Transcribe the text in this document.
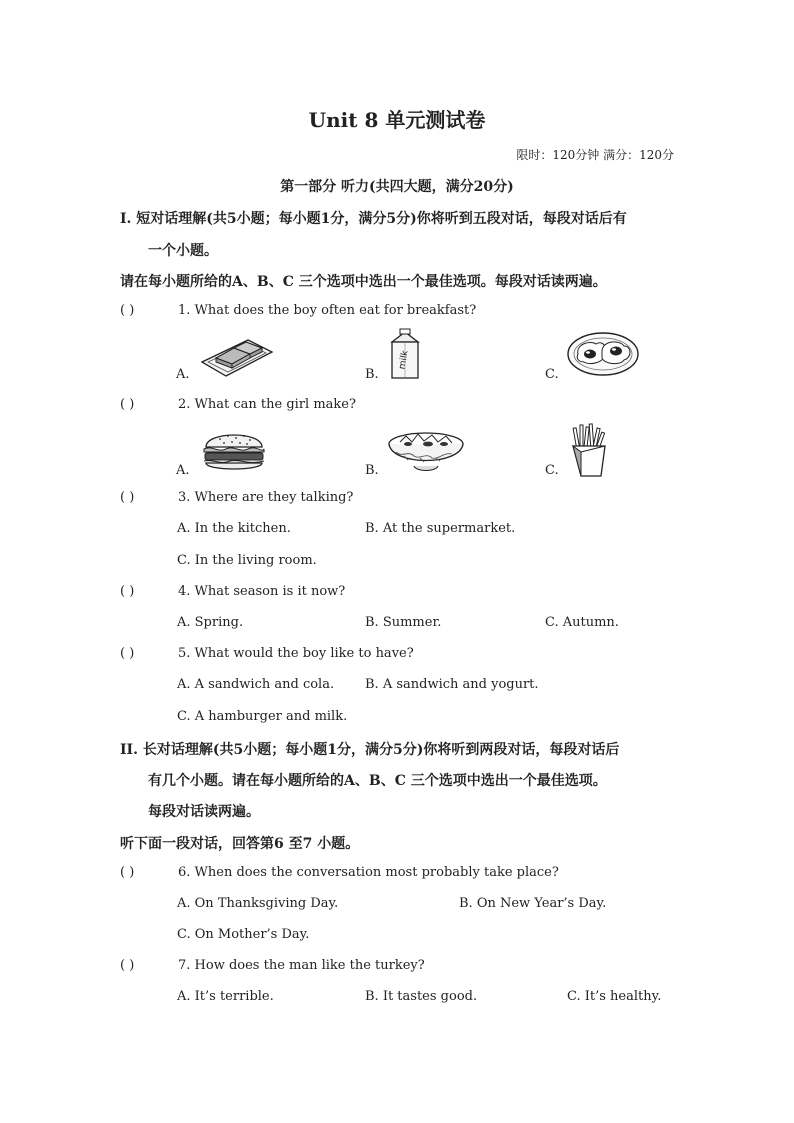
Unit 8 单元测试卷
限时：120分钟 满分：120分
第一部分 听力(共四大题，满分20分)
I. 短对话理解(共5小题；每小题1分，满分5分)你将听到五段对话，每段对话后有
一个小题。
请在每小题所给的A、B、C 三个选项中选出一个最佳选项。每段对话读两遍。
( )	1. What does the boy often eat for breakfast?
A.	B.	C.
milk
( )	2. What can the girl make?
A.	B.	C.
( )	3. Where are they talking?
A. In the kitchen.	B. At the supermarket.
C. In the living room.
( )	4. What season is it now?
A. Spring.	B. Summer.	C. Autumn.
( )	5. What would the boy like to have?
A. A sandwich and cola. B. A sandwich and yogurt.
C. A hamburger and milk.
II. 长对话理解(共5小题；每小题1分，满分5分)你将听到两段对话，每段对话后
有几个小题。请在每小题所给的A、B、C 三个选项中选出一个最佳选项。
每段对话读两遍。
听下面一段对话，回答第6 至7 小题。
( )	6. When does the conversation most probably take place?
A. On Thanksgiving Day.	B. On New Year’s Day.
C. On Mother’s Day.
( )	7. How does the man like the turkey?
A. It’s terrible.	B. It tastes good.	C. It’s healthy.
